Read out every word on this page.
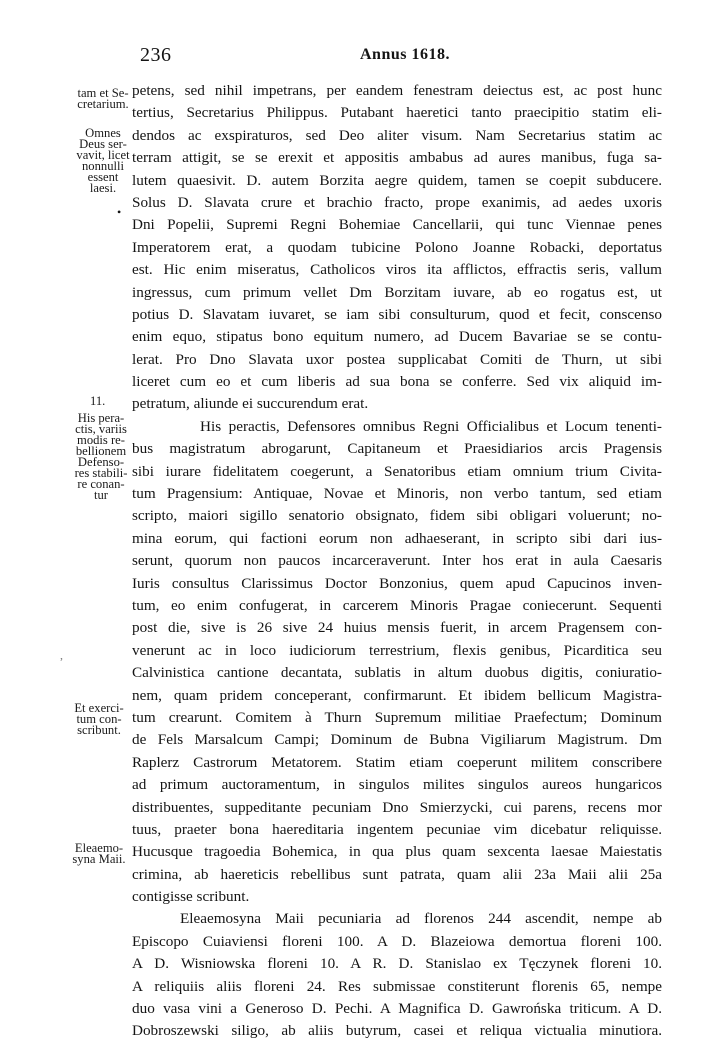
236	Annus 1618.
tam et Se-
cretarium.
Omnes
Deus ser-
vavit, licet
nonnulli
essent
laesi.
11.
His pera-
ctis, variis
modis re-
bellionem
Defenso-
res stabili-
re conan-
tur
Et exerci-
tum con-
scribunt.
Eleaemo-
syna Maii.
•
,
petens, sed nihil impetrans, per eandem fenestram deiectus est, ac post hunc
tertius, Secretarius Philippus. Putabant haeretici tanto praecipitio statim eli-
dendos ac exspiraturos, sed Deo aliter visum. Nam Secretarius statim ac
terram attigit, se se erexit et appositis ambabus ad aures manibus, fuga sa-
lutem quaesivit. D. autem Borzita aegre quidem, tamen se coepit subducere.
Solus D. Slavata crure et brachio fracto, prope exanimis, ad aedes uxoris
Dni Popelii, Supremi Regni Bohemiae Cancellarii, qui tunc Viennae penes
Imperatorem erat, a quodam tubicine Polono Joanne Robacki, deportatus
est. Hic enim miseratus, Catholicos viros ita afflictos, effractis seris, vallum
ingressus, cum primum vellet Dm Borzitam iuvare, ab eo rogatus est, ut
potius D. Slavatam iuvaret, se iam sibi consulturum, quod et fecit, conscenso
enim equo, stipatus bono equitum numero, ad Ducem Bavariae se se contu-
lerat. Pro Dno Slavata uxor postea supplicabat Comiti de Thurn, ut sibi
liceret cum eo et cum liberis ad sua bona se conferre. Sed vix aliquid im-
petratum, aliunde ei succurendum erat.
His peractis, Defensores omnibus Regni Officialibus et Locum tenenti-
bus magistratum abrogarunt, Capitaneum et Praesidiarios arcis Pragensis
sibi iurare fidelitatem coegerunt, a Senatoribus etiam omnium trium Civita-
tum Pragensium: Antiquae, Novae et Minoris, non verbo tantum, sed etiam
scripto, maiori sigillo senatorio obsignato, fidem sibi obligari voluerunt; no-
mina eorum, qui factioni eorum non adhaeserant, in scripto sibi dari ius-
serunt, quorum non paucos incarceraverunt. Inter hos erat in aula Caesaris
Iuris consultus Clarissimus Doctor Bonzonius, quem apud Capucinos inven-
tum, eo enim confugerat, in carcerem Minoris Pragae coniecerunt. Sequenti
post die, sive is 26 sive 24 huius mensis fuerit, in arcem Pragensem con-
venerunt ac in loco iudiciorum terrestrium, flexis genibus, Picarditica seu
Calvinistica cantione decantata, sublatis in altum duobus digitis, coniuratio-
nem, quam pridem conceperant, confirmarunt. Et ibidem bellicum Magistra-
tum crearunt. Comitem à Thurn Supremum militiae Praefectum; Dominum
de Fels Marsalcum Campi; Dominum de Bubna Vigiliarum Magistrum. Dm
Raplerz Castrorum Metatorem. Statim etiam coeperunt militem conscribere
ad primum auctoramentum, in singulos milites singulos aureos hungaricos
distribuentes, suppeditante pecuniam Dno Smierzycki, cui parens, recens mor
tuus, praeter bona haereditaria ingentem pecuniae vim dicebatur reliquisse.
Hucusque tragoedia Bohemica, in qua plus quam sexcenta laesae Maiestatis
crimina, ab haereticis rebellibus sunt patrata, quam alii 23a Maii alii 25a
contigisse scribunt.
Eleaemosyna Maii pecuniaria ad florenos 244 ascendit, nempe ab
Episcopo Cuiaviensi floreni 100. A D. Blazeiowa demortua floreni 100.
A D. Wisniowska floreni 10. A R. D. Stanislao ex Tęczynek floreni 10.
A reliquiis aliis floreni 24. Res submissae constiterunt florenis 65, nempe
duo vasa vini a Generoso D. Pechi. A Magnifica D. Gawrońska triticum. A D.
Dobroszewski siligo, ab aliis butyrum, casei et reliqua victualia minutiora.
